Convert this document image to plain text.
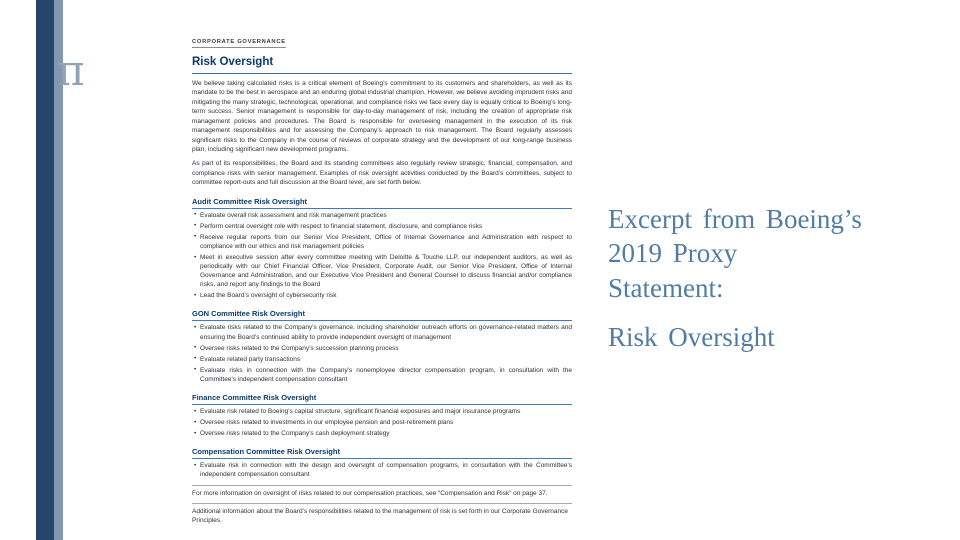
π
CORPORATE GOVERNANCE
Risk Oversight

We believe taking calculated risks is a critical element of Boeing’s commitment to its customers and shareholders, as well as its mandate to be the best in aerospace and an enduring global industrial champion. However, we believe avoiding imprudent risks and mitigating the many strategic, technological, operational, and compliance risks we face every day is equally critical to Boeing’s long-term success. Senior management is responsible for day-to-day management of risk, including the creation of appropriate risk management policies and procedures. The Board is responsible for overseeing management in the execution of its risk management responsibilities and for assessing the Company’s approach to risk management. The Board regularly assesses significant risks to the Company in the course of reviews of corporate strategy and the development of our long-range business plan, including significant new development programs.

As part of its responsibilities, the Board and its standing committees also regularly review strategic, financial, compensation, and compliance risks with senior management. Examples of risk oversight activities conducted by the Board’s committees, subject to committee report-outs and full discussion at the Board level, are set forth below.

Audit Committee Risk Oversight
• Evaluate overall risk assessment and risk management practices
• Perform central oversight role with respect to financial statement, disclosure, and compliance risks
• Receive regular reports from our Senior Vice President, Office of Internal Governance and Administration with respect to compliance with our ethics and risk management policies
• Meet in executive session after every committee meeting with Deloitte & Touche LLP, our independent auditors, as well as periodically with our Chief Financial Officer, Vice President, Corporate Audit, our Senior Vice President, Office of Internal Governance and Administration, and our Executive Vice President and General Counsel to discuss financial and/or compliance risks, and report any findings to the Board
• Lead the Board’s oversight of cybersecurity risk
GON Committee Risk Oversight
• Evaluate risks related to the Company’s governance, including shareholder outreach efforts on governance-related matters and ensuring the Board’s continued ability to provide independent oversight of management
• Oversee risks related to the Company’s succession planning process
• Evaluate related party transactions
• Evaluate risks in connection with the Company’s nonemployee director compensation program, in consultation with the Committee’s independent compensation consultant
Finance Committee Risk Oversight
• Evaluate risk related to Boeing’s capital structure, significant financial exposures and major insurance programs
• Oversee risks related to investments in our employee pension and post-retirement plans
• Oversee risks related to the Company’s cash deployment strategy
Compensation Committee Risk Oversight
• Evaluate risk in connection with the design and oversight of compensation programs, in consultation with the Committee’s independent compensation consultant

For more information on oversight of risks related to our compensation practices, see “Compensation and Risk” on page 37.

Additional information about the Board’s responsibilities related to the management of risk is set forth in our Corporate Governance Principles.

Excerpt from Boeing’s
2019 Proxy
Statement:
Risk Oversight
